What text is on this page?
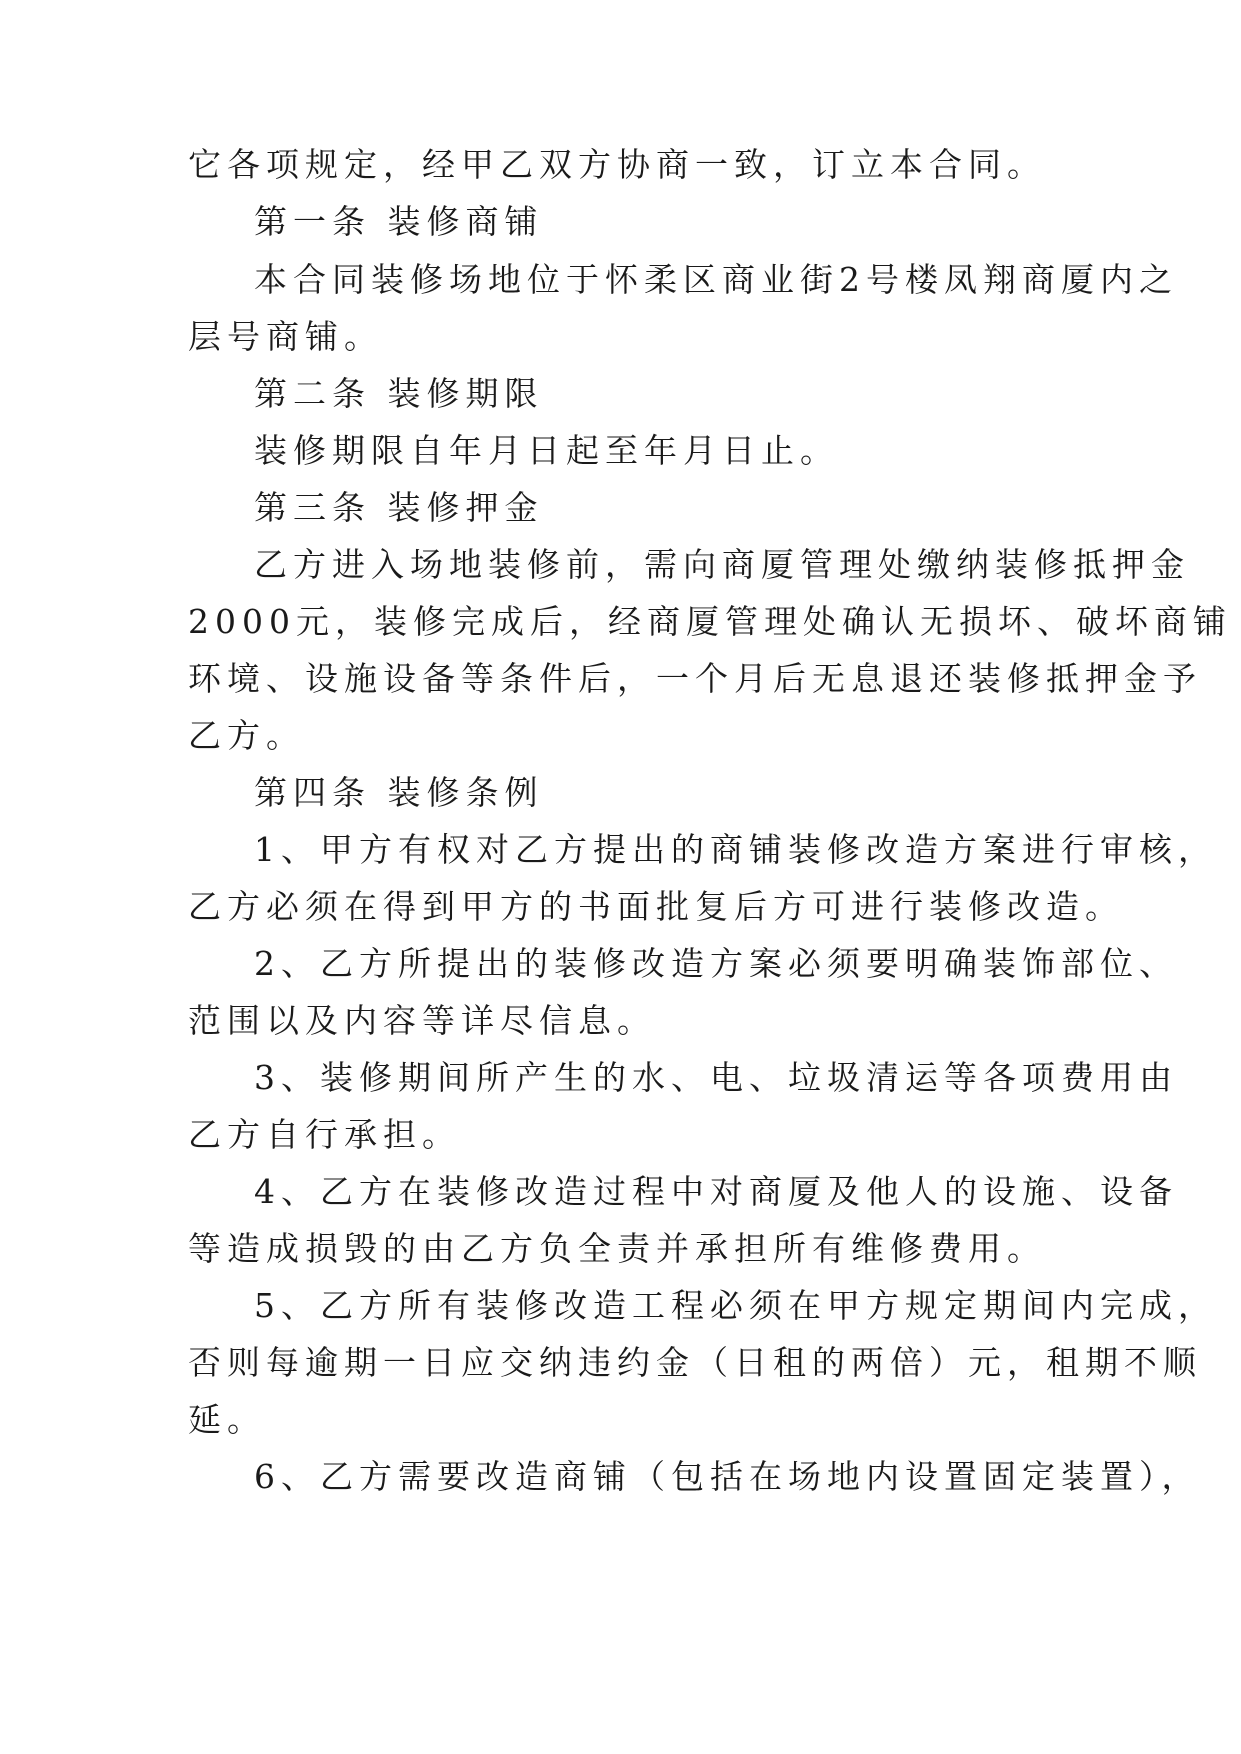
它各项规定，经甲乙双方协商一致，订立本合同。
第一条 装修商铺
本合同装修场地位于怀柔区商业街2号楼凤翔商厦内之
层号商铺。
第二条 装修期限
装修期限自年月日起至年月日止。
第三条 装修押金
乙方进入场地装修前，需向商厦管理处缴纳装修抵押金
2000元，装修完成后，经商厦管理处确认无损坏、破坏商铺
环境、设施设备等条件后，一个月后无息退还装修抵押金予
乙方。
第四条 装修条例
1、甲方有权对乙方提出的商铺装修改造方案进行审核，
乙方必须在得到甲方的书面批复后方可进行装修改造。
2、乙方所提出的装修改造方案必须要明确装饰部位、
范围以及内容等详尽信息。
3、装修期间所产生的水、电、垃圾清运等各项费用由
乙方自行承担。
4、乙方在装修改造过程中对商厦及他人的设施、设备
等造成损毁的由乙方负全责并承担所有维修费用。
5、乙方所有装修改造工程必须在甲方规定期间内完成，
否则每逾期一日应交纳违约金（日租的两倍）元，租期不顺
延。
6、乙方需要改造商铺（包括在场地内设置固定装置），
